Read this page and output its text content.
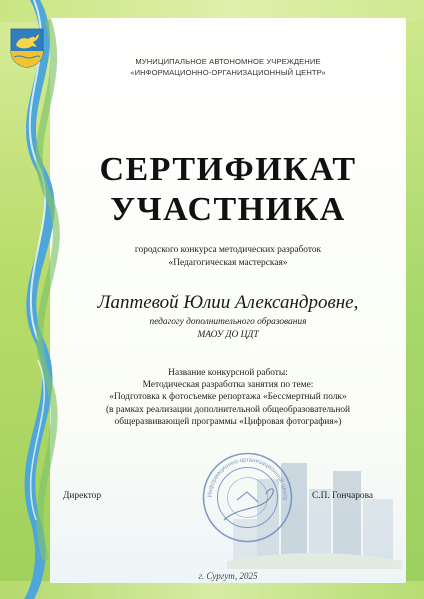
МУНИЦИПАЛЬНОЕ АВТОНОМНОЕ УЧРЕЖДЕНИЕ
«ИНФОРМАЦИОННО-ОРГАНИЗАЦИОННЫЙ ЦЕНТР»
СЕРТИФИКАТ
УЧАСТНИКА
городского конкурса методических разработок
«Педагогическая мастерская»
Лаптевой Юлии Александровне,
педагогу дополнительного образования
МАОУ ДО ЦДТ
Название конкурсной работы:
Методическая разработка занятия по теме:
«Подготовка к фотосъемке репортажа «Бессмертный полк»
(в рамках реализации дополнительной общеобразовательной
общеразвивающей программы «Цифровая фотография»)
Информационно-организационный центр
Директор	С.П. Гончарова
г. Сургут, 2025
